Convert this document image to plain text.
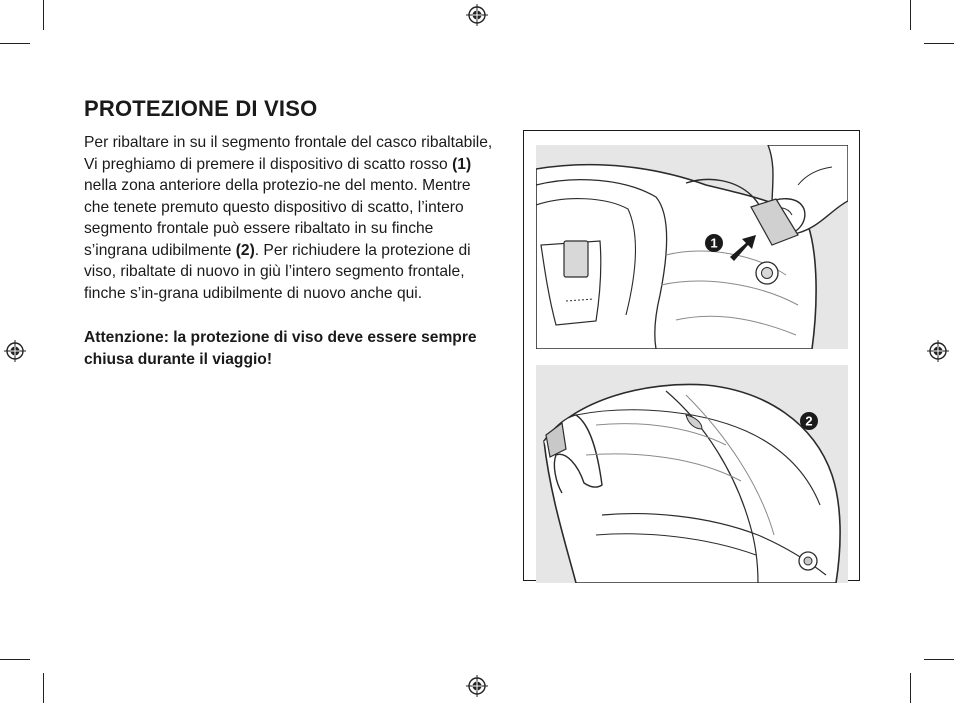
PROTEZIONE DI VISO

Per ribaltare in su il segmento frontale del casco ribaltabile, Vi preghiamo di premere il dispositivo di scatto rosso (1) nella zona anteriore della protezio-ne del mento. Mentre che tenete premuto questo dispositivo di scatto, l’intero segmento frontale può essere ribaltato in su finche s’ingrana udibilmente (2). Per richiudere la protezione di viso, ribaltate di nuovo in giù l’intero segmento frontale, finche s’in-grana udibilmente di nuovo anche qui.

Attenzione: la protezione di viso deve essere sempre chiusa durante il viaggio!

1
2
